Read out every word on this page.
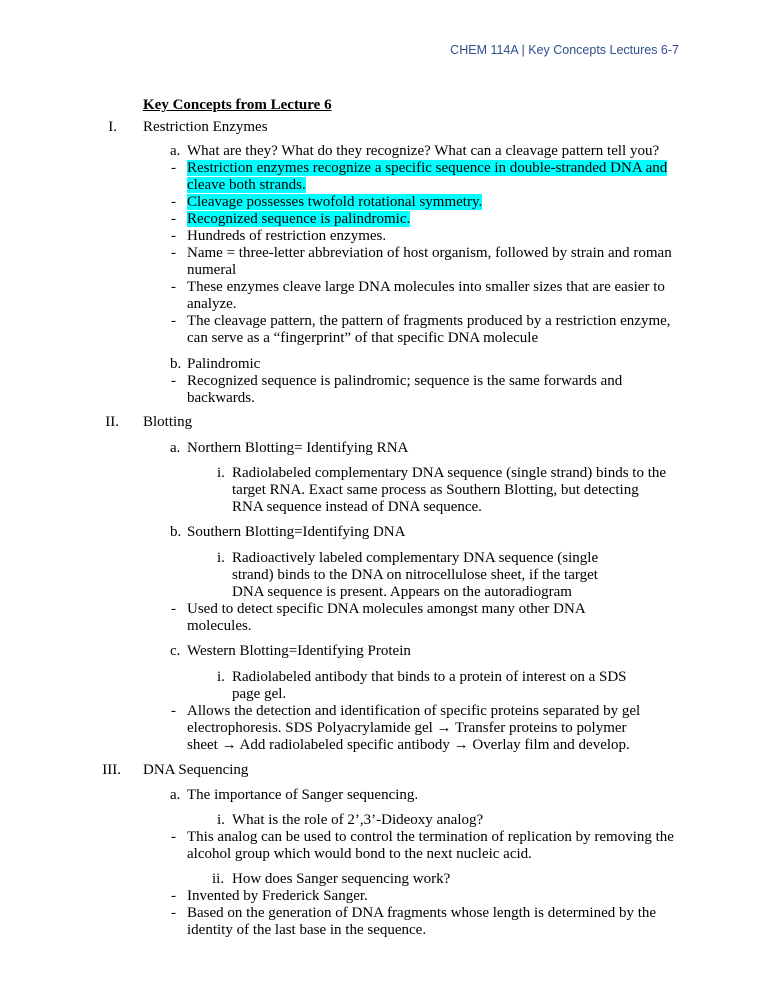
CHEM 114A | Key Concepts Lectures 6-7
Key Concepts from Lecture 6
I. Restriction Enzymes
a. What are they? What do they recognize? What can a cleavage pattern tell you?
- Restriction enzymes recognize a specific sequence in double-stranded DNA and
cleave both strands.
- Cleavage possesses twofold rotational symmetry.
- Recognized sequence is palindromic.
- Hundreds of restriction enzymes.
- Name = three-letter abbreviation of host organism, followed by strain and roman
numeral
- These enzymes cleave large DNA molecules into smaller sizes that are easier to
analyze.
- The cleavage pattern, the pattern of fragments produced by a restriction enzyme,
can serve as a “fingerprint” of that specific DNA molecule
b. Palindromic
- Recognized sequence is palindromic; sequence is the same forwards and
backwards.
II. Blotting
a. Northern Blotting= Identifying RNA
i. Radiolabeled complementary DNA sequence (single strand) binds to the
target RNA. Exact same process as Southern Blotting, but detecting
RNA sequence instead of DNA sequence.
b. Southern Blotting=Identifying DNA
i. Radioactively labeled complementary DNA sequence (single
strand) binds to the DNA on nitrocellulose sheet, if the target
DNA sequence is present. Appears on the autoradiogram
- Used to detect specific DNA molecules amongst many other DNA
molecules.
c. Western Blotting=Identifying Protein
i. Radiolabeled antibody that binds to a protein of interest on a SDS
page gel.
- Allows the detection and identification of specific proteins separated by gel
electrophoresis. SDS Polyacrylamide gel → Transfer proteins to polymer
sheet → Add radiolabeled specific antibody → Overlay film and develop.
III. DNA Sequencing
a. The importance of Sanger sequencing.
i. What is the role of 2’,3’-Dideoxy analog?
- This analog can be used to control the termination of replication by removing the
alcohol group which would bond to the next nucleic acid.
ii. How does Sanger sequencing work?
- Invented by Frederick Sanger.
- Based on the generation of DNA fragments whose length is determined by the
identity of the last base in the sequence.
